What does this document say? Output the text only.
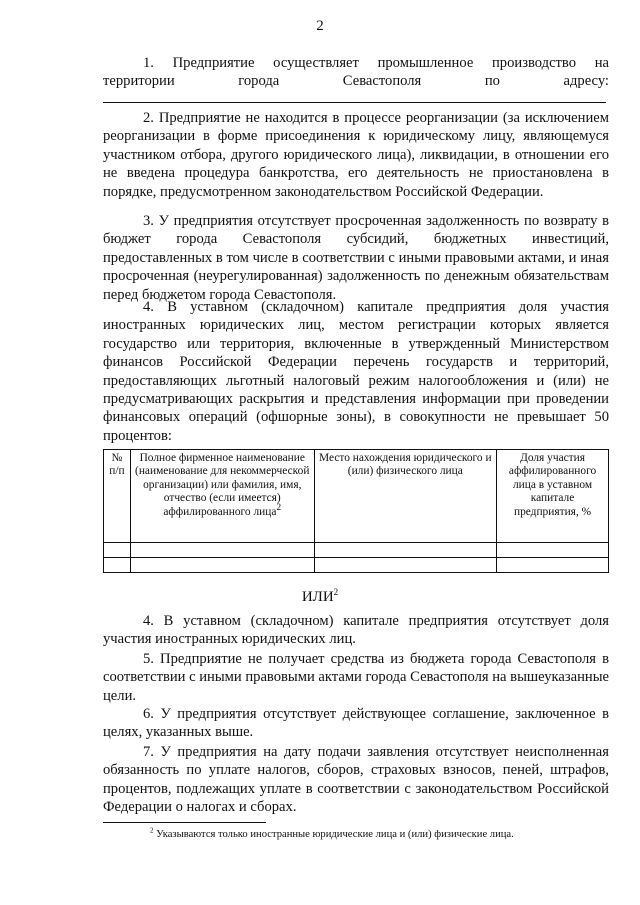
2
1. Предприятие осуществляет промышленное производство на территории города Севастополя по адресу:
2. Предприятие не находится в процессе реорганизации (за исключением реорганизации в форме присоединения к юридическому лицу, являющемуся участником отбора, другого юридического лица), ликвидации, в отношении его не введена процедура банкротства, его деятельность не приостановлена в порядке, предусмотренном законодательством Российской Федерации.
3. У предприятия отсутствует просроченная задолженность по возврату в бюджет города Севастополя субсидий, бюджетных инвестиций, предоставленных в том числе в соответствии с иными правовыми актами, и иная просроченная (неурегулированная) задолженность по денежным обязательствам перед бюджетом города Севастополя.
4. В уставном (складочном) капитале предприятия доля участия иностранных юридических лиц, местом регистрации которых является государство или территория, включенные в утвержденный Министерством финансов Российской Федерации перечень государств и территорий, предоставляющих льготный налоговый режим налогообложения и (или) не предусматривающих раскрытия и представления информации при проведении финансовых операций (офшорные зоны), в совокупности не превышает 50 процентов:
№ п/п	Полное фирменное наименование (наименование для некоммерческой организации) или фамилия, имя, отчество (если имеется) аффилированного лица$^2$	Место нахождения юридического и (или) физического лица	Доля участия аффилированного лица в уставном капитале предприятия, %

ИЛИ$^2$
4. В уставном (складочном) капитале предприятия отсутствует доля участия иностранных юридических лиц.
5. Предприятие не получает средства из бюджета города Севастополя в соответствии с иными правовыми актами города Севастополя на вышеуказанные цели.
6. У предприятия отсутствует действующее соглашение, заключенное в целях, указанных выше.
7. У предприятия на дату подачи заявления отсутствует неисполненная обязанность по уплате налогов, сборов, страховых взносов, пеней, штрафов, процентов, подлежащих уплате в соответствии с законодательством Российской Федерации о налогах и сборах.
$^2$ Указываются только иностранные юридические лица и (или) физические лица.
